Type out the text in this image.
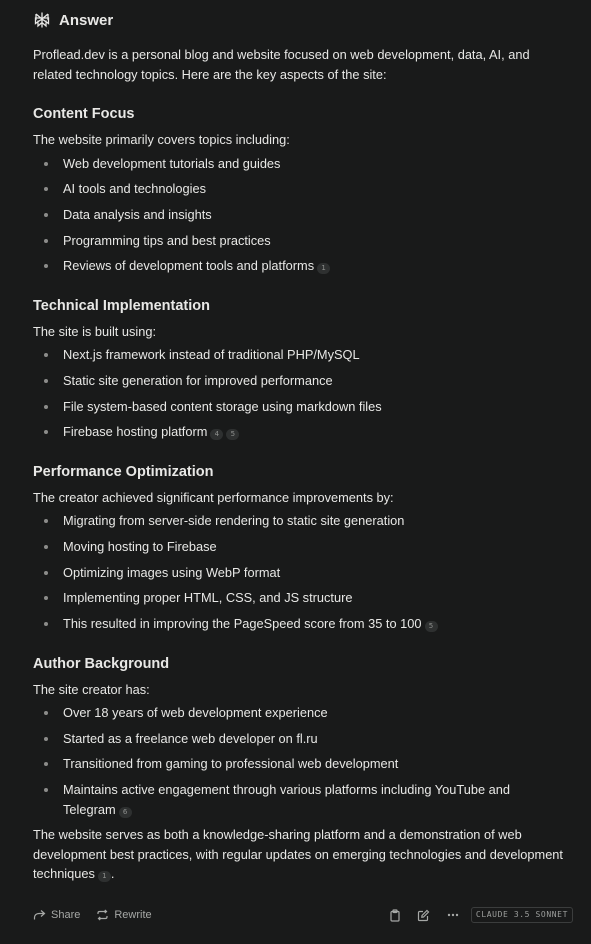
Answer

Proflead.dev is a personal blog and website focused on web development, data, AI, and related technology topics. Here are the key aspects of the site:

Content Focus

The website primarily covers topics including:

Web development tutorials and guides
AI tools and technologies
Data analysis and insights
Programming tips and best practices
Reviews of development tools and platforms 1
Technical Implementation

The site is built using:

Next.js framework instead of traditional PHP/MySQL
Static site generation for improved performance
File system-based content storage using markdown files
Firebase hosting platform 4 5
Performance Optimization

The creator achieved significant performance improvements by:

Migrating from server-side rendering to static site generation
Moving hosting to Firebase
Optimizing images using WebP format
Implementing proper HTML, CSS, and JS structure
This resulted in improving the PageSpeed score from 35 to 100 5
Author Background

The site creator has:

Over 18 years of web development experience
Started as a freelance web developer on fl.ru
Transitioned from gaming to professional web development
Maintains active engagement through various platforms including YouTube and Telegram 6

The website serves as both a knowledge-sharing platform and a demonstration of web development best practices, with regular updates on emerging technologies and development techniques 1 .

Share	Rewrite	CLAUDE 3.5 SONNET
